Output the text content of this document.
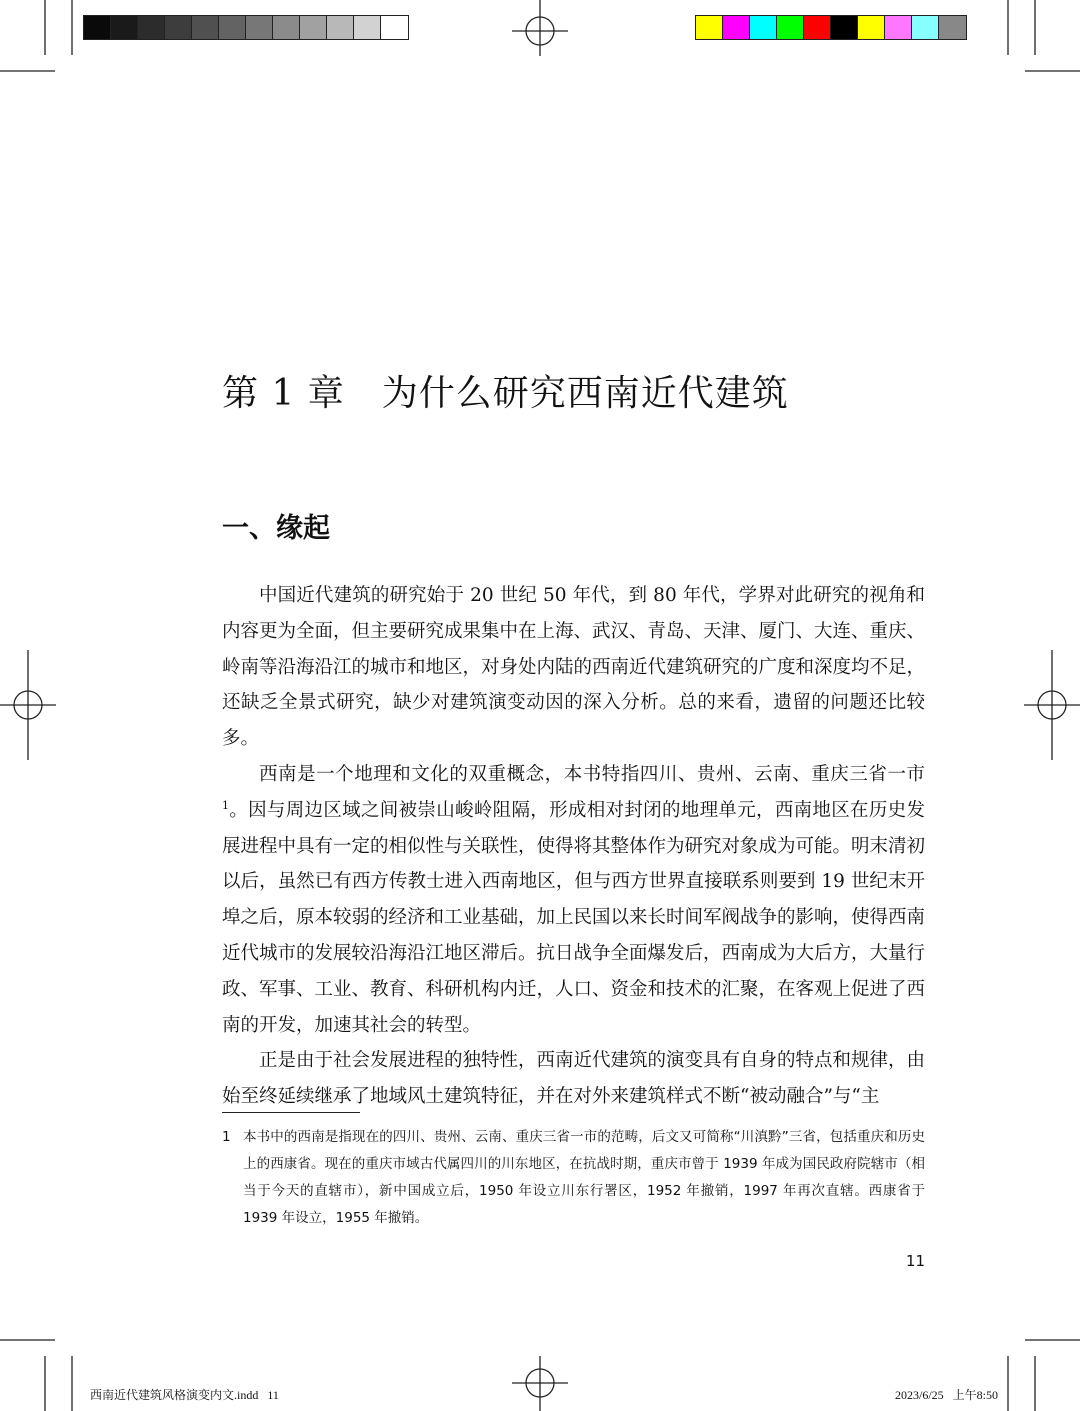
第 1 章　为什么研究西南近代建筑
一、缘起

中国近代建筑的研究始于 20 世纪 50 年代，到 80 年代，学界对此研究的视角和内容更为全面，但主要研究成果集中在上海、武汉、青岛、天津、厦门、大连、重庆、岭南等沿海沿江的城市和地区，对身处内陆的西南近代建筑研究的广度和深度均不足，还缺乏全景式研究，缺少对建筑演变动因的深入分析。总的来看，遗留的问题还比较多。

西南是一个地理和文化的双重概念，本书特指四川、贵州、云南、重庆三省一市$^1$。因与周边区域之间被崇山峻岭阻隔，形成相对封闭的地理单元，西南地区在历史发展进程中具有一定的相似性与关联性，使得将其整体作为研究对象成为可能。明末清初以后，虽然已有西方传教士进入西南地区，但与西方世界直接联系则要到 19 世纪末开埠之后，原本较弱的经济和工业基础，加上民国以来长时间军阀战争的影响，使得西南近代城市的发展较沿海沿江地区滞后。抗日战争全面爆发后，西南成为大后方，大量行政、军事、工业、教育、科研机构内迁，人口、资金和技术的汇聚，在客观上促进了西南的开发，加速其社会的转型。

正是由于社会发展进程的独特性，西南近代建筑的演变具有自身的特点和规律，由始至终延续继承了地域风土建筑特征，并在对外来建筑样式不断“被动融合”与“主

1 本书中的西南是指现在的四川、贵州、云南、重庆三省一市的范畴，后文又可简称“川滇黔”三省，包括重庆和历史上的西康省。现在的重庆市域古代属四川的川东地区，在抗战时期，重庆市曾于 1939 年成为国民政府院辖市（相当于今天的直辖市），新中国成立后，1950 年设立川东行署区，1952 年撤销，1997 年再次直辖。西康省于 1939 年设立，1955 年撤销。

11

西南近代建筑风格演变内文.indd   11	2023/6/25   上午8:50
